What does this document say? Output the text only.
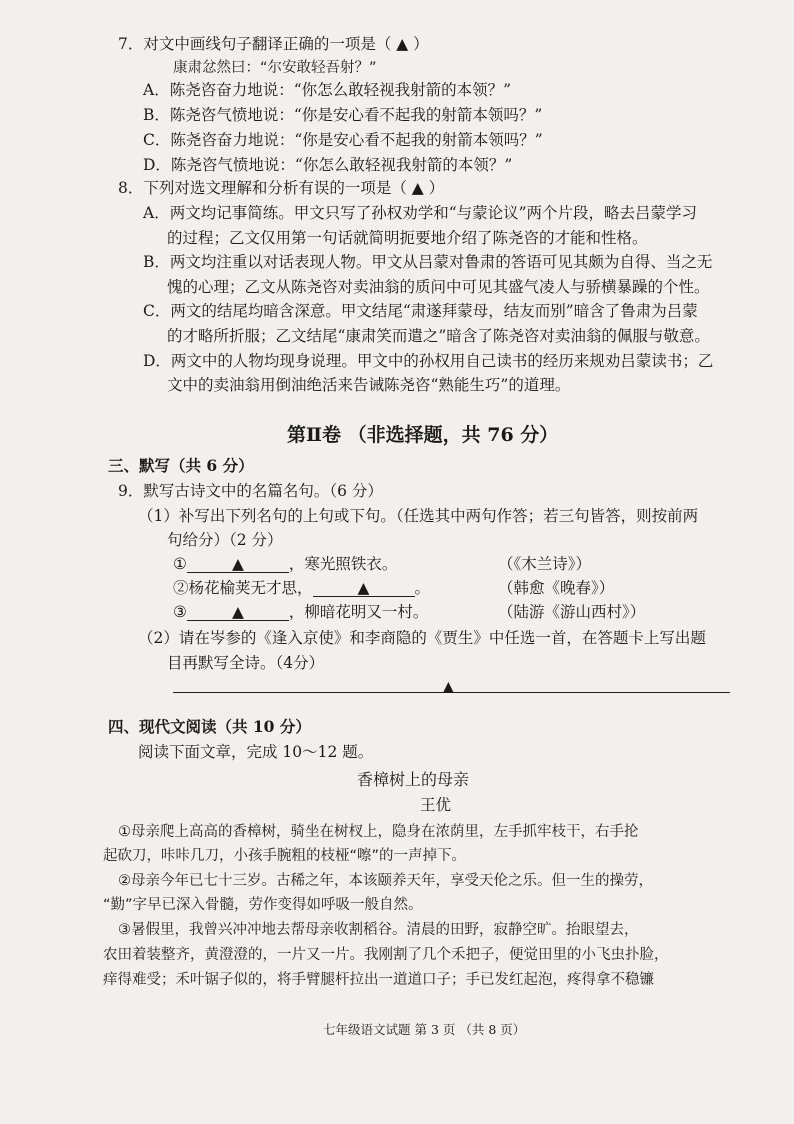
7．对文中画线句子翻译正确的一项是（ ▲ ）
康肃忿然曰：“尔安敢轻吾射？”
A．陈尧咨奋力地说：“你怎么敢轻视我射箭的本领？”
B．陈尧咨气愤地说：“你是安心看不起我的射箭本领吗？”
C．陈尧咨奋力地说：“你是安心看不起我的射箭本领吗？”
D．陈尧咨气愤地说：“你怎么敢轻视我射箭的本领？”
8．下列对选文理解和分析有误的一项是（ ▲ ）
A．两文均记事简练。甲文只写了孙权劝学和“与蒙论议”两个片段，略去吕蒙学习
的过程；乙文仅用第一句话就简明扼要地介绍了陈尧咨的才能和性格。
B．两文均注重以对话表现人物。甲文从吕蒙对鲁肃的答语可见其颇为自得、当之无
愧的心理；乙文从陈尧咨对卖油翁的质问中可见其盛气凌人与骄横暴躁的个性。
C．两文的结尾均暗含深意。甲文结尾“肃遂拜蒙母，结友而别”暗含了鲁肃为吕蒙
的才略所折服；乙文结尾“康肃笑而遣之”暗含了陈尧咨对卖油翁的佩服与敬意。
D．两文中的人物均现身说理。甲文中的孙权用自己读书的经历来规劝吕蒙读书；乙
文中的卖油翁用倒油绝活来告诫陈尧咨“熟能生巧”的道理。
第Ⅱ卷 （非选择题，共 76 分）
三、默写（共 6 分）
9．默写古诗文中的名篇名句。（6 分）
（1）补写出下列名句的上句或下句。（任选其中两句作答；若三句皆答，则按前两
句给分）（2 分）
①	▲	，寒光照铁衣。	（《木兰诗》）
②杨花榆荚无才思，	▲	。	（韩愈《晚春》）
③	▲	，柳暗花明又一村。	（陆游《游山西村》）
（2）请在岑参的《逢入京使》和李商隐的《贾生》中任选一首，在答题卡上写出题
目再默写全诗。（4分）
▲
四、现代文阅读（共 10 分）
阅读下面文章，完成 10～12 题。
香樟树上的母亲
王优
①母亲爬上高高的香樟树，骑坐在树杈上，隐身在浓荫里，左手抓牢枝干，右手抡
起砍刀，咔咔几刀，小孩手腕粗的枝桠“嚓”的一声掉下。
②母亲今年已七十三岁。古稀之年，本该颐养天年，享受天伦之乐。但一生的操劳，
“勤”字早已深入骨髓，劳作变得如呼吸一般自然。
③暑假里，我曾兴冲冲地去帮母亲收割稻谷。清晨的田野，寂静空旷。抬眼望去，
农田着装整齐，黄澄澄的，一片又一片。我刚割了几个禾把子，便觉田里的小飞虫扑脸，
痒得难受；禾叶锯子似的，将手臂腿杆拉出一道道口子；手已发红起泡，疼得拿不稳镰
七年级语文试题 第 3 页 （共 8 页）
